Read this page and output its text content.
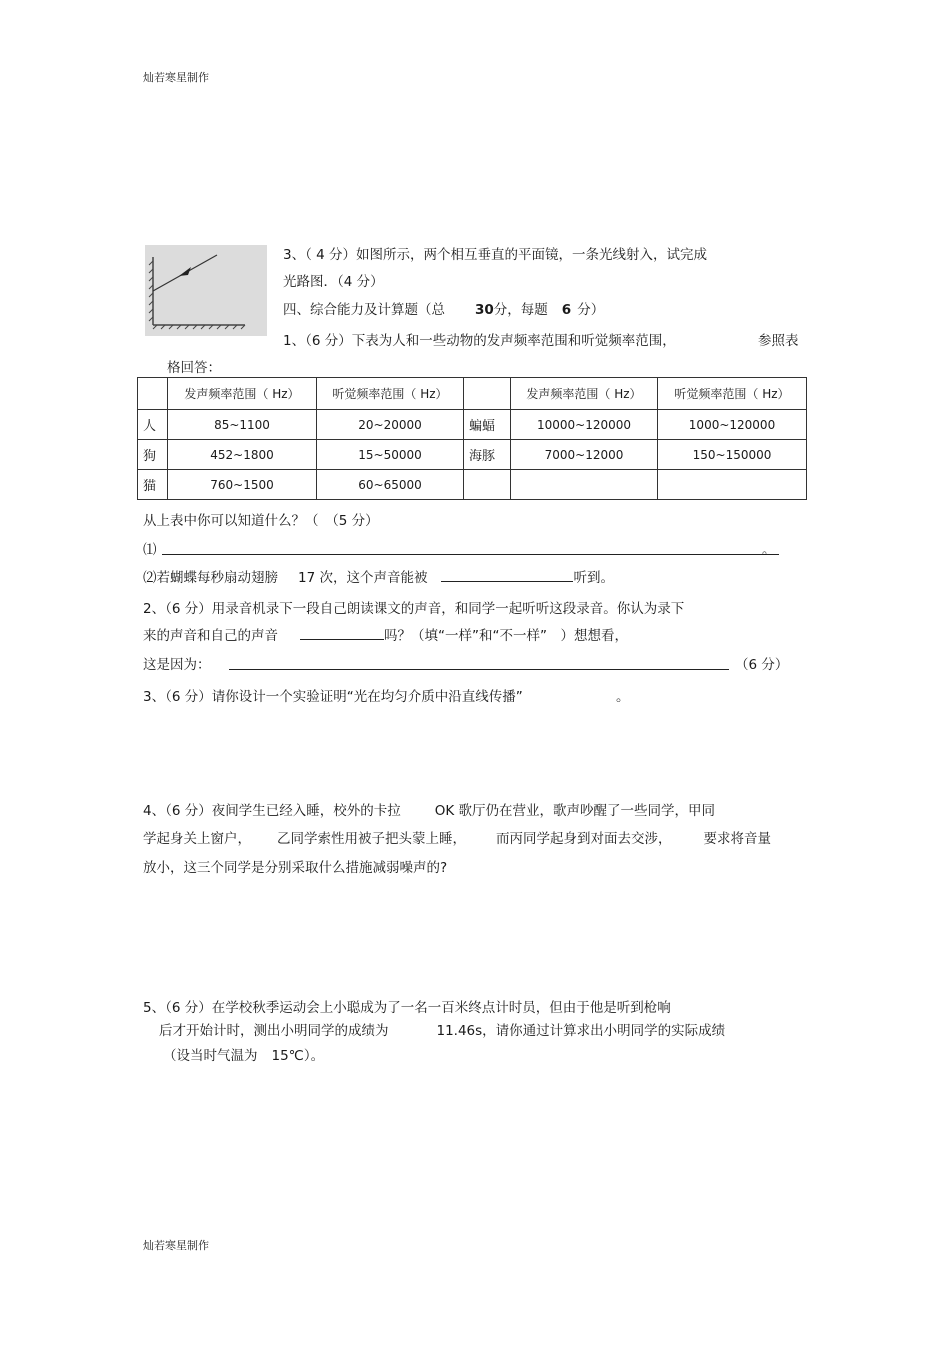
灿若寒星制作
灿若寒星制作
3、（ 4 分）如图所示，两个相互垂直的平面镜，一条光线射入，试完成
光路图．（4 分）
四、综合能力及计算题（总 30分，每题 6 分）
1、（6 分）下表为人和一些动物的发声频率范围和听觉频率范围，	参照表
格回答：
	发声频率范围（ Hz）	听觉频率范围（ Hz）		发声频率范围（ Hz）	听觉频率范围（ Hz）
人	85~1100	20~20000	蝙蝠	10000~120000	1000~120000
狗	452~1800	15~50000	海豚	7000~12000	150~150000
猫	760~1500	60~65000			
从上表中你可以知道什么？（　（5 分）
⑴	。
⑵若蝴蝶每秒扇动翅膀 17 次，这个声音能被	听到。
2、（6 分）用录音机录下一段自己朗读课文的声音，和同学一起听听这段录音。你认为录下
来的声音和自己的声音	吗？（填“一样”和“不一样”　）想想看，
这是因为：	（6 分）
3、（6 分）请你设计一个实验证明“光在均匀介质中沿直线传播”	。
4、（6 分）夜间学生已经入睡，校外的卡拉	OK 歌厅仍在营业，歌声吵醒了一些同学，甲同
学起身关上窗户， 乙同学索性用被子把头蒙上睡， 而丙同学起身到对面去交涉， 要求将音量
放小，这三个同学是分别采取什么措施减弱噪声的?
5、（6 分）在学校秋季运动会上小聪成为了一名一百米终点计时员，但由于他是听到枪响
后才开始计时，测出小明同学的成绩为	11.46s，请你通过计算求出小明同学的实际成绩
（设当时气温为 15℃）。
